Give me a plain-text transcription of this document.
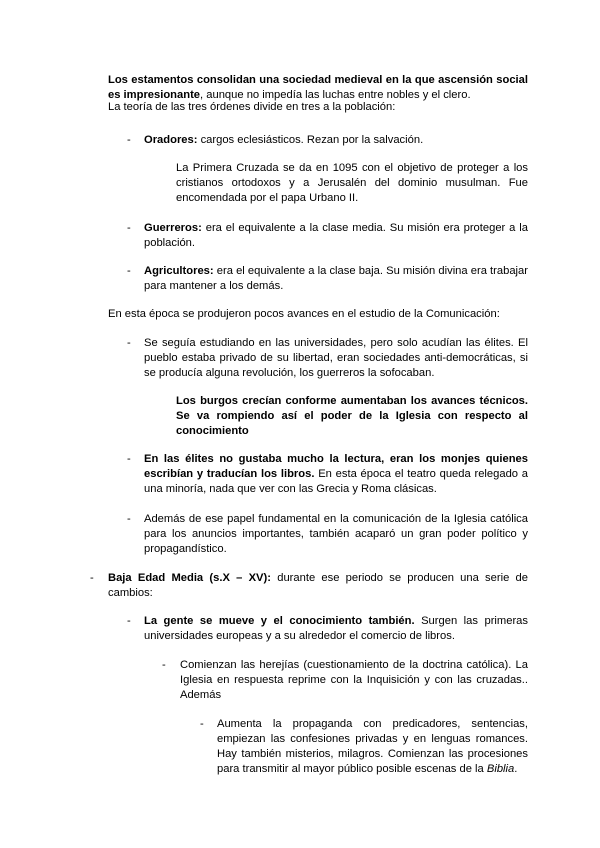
Los estamentos consolidan una sociedad medieval en la que ascensión social es impresionante, aunque no impedía las luchas entre nobles y el clero.
La teoría de las tres órdenes divide en tres a la población:
- Oradores: cargos eclesiásticos. Rezan por la salvación.
La Primera Cruzada se da en 1095 con el objetivo de proteger a los cristianos ortodoxos y a Jerusalén del dominio musulman. Fue encomendada por el papa Urbano II.
- Guerreros: era el equivalente a la clase media. Su misión era proteger a la población.
- Agricultores: era el equivalente a la clase baja. Su misión divina era trabajar para mantener a los demás.
En esta época se produjeron pocos avances en el estudio de la Comunicación:
- Se seguía estudiando en las universidades, pero solo acudían las élites. El pueblo estaba privado de su libertad, eran sociedades anti-democráticas, si se producía alguna revolución, los guerreros la sofocaban.
Los burgos crecían conforme aumentaban los avances técnicos. Se va rompiendo así el poder de la Iglesia con respecto al conocimiento
- En las élites no gustaba mucho la lectura, eran los monjes quienes escribían y traducían los libros. En esta época el teatro queda relegado a una minoría, nada que ver con las Grecia y Roma clásicas.
- Además de ese papel fundamental en la comunicación de la Iglesia católica para los anuncios importantes, también acaparó un gran poder político y propagandístico.
- Baja Edad Media (s.X – XV): durante ese periodo se producen una serie de cambios:
- La gente se mueve y el conocimiento también. Surgen las primeras universidades europeas y a su alrededor el comercio de libros.
- Comienzan las herejías (cuestionamiento de la doctrina católica). La Iglesia en respuesta reprime con la Inquisición y con las cruzadas.. Además
- Aumenta la propaganda con predicadores, sentencias, empiezan las confesiones privadas y en lenguas romances. Hay también misterios, milagros. Comienzan las procesiones para transmitir al mayor público posible escenas de la Biblia.
